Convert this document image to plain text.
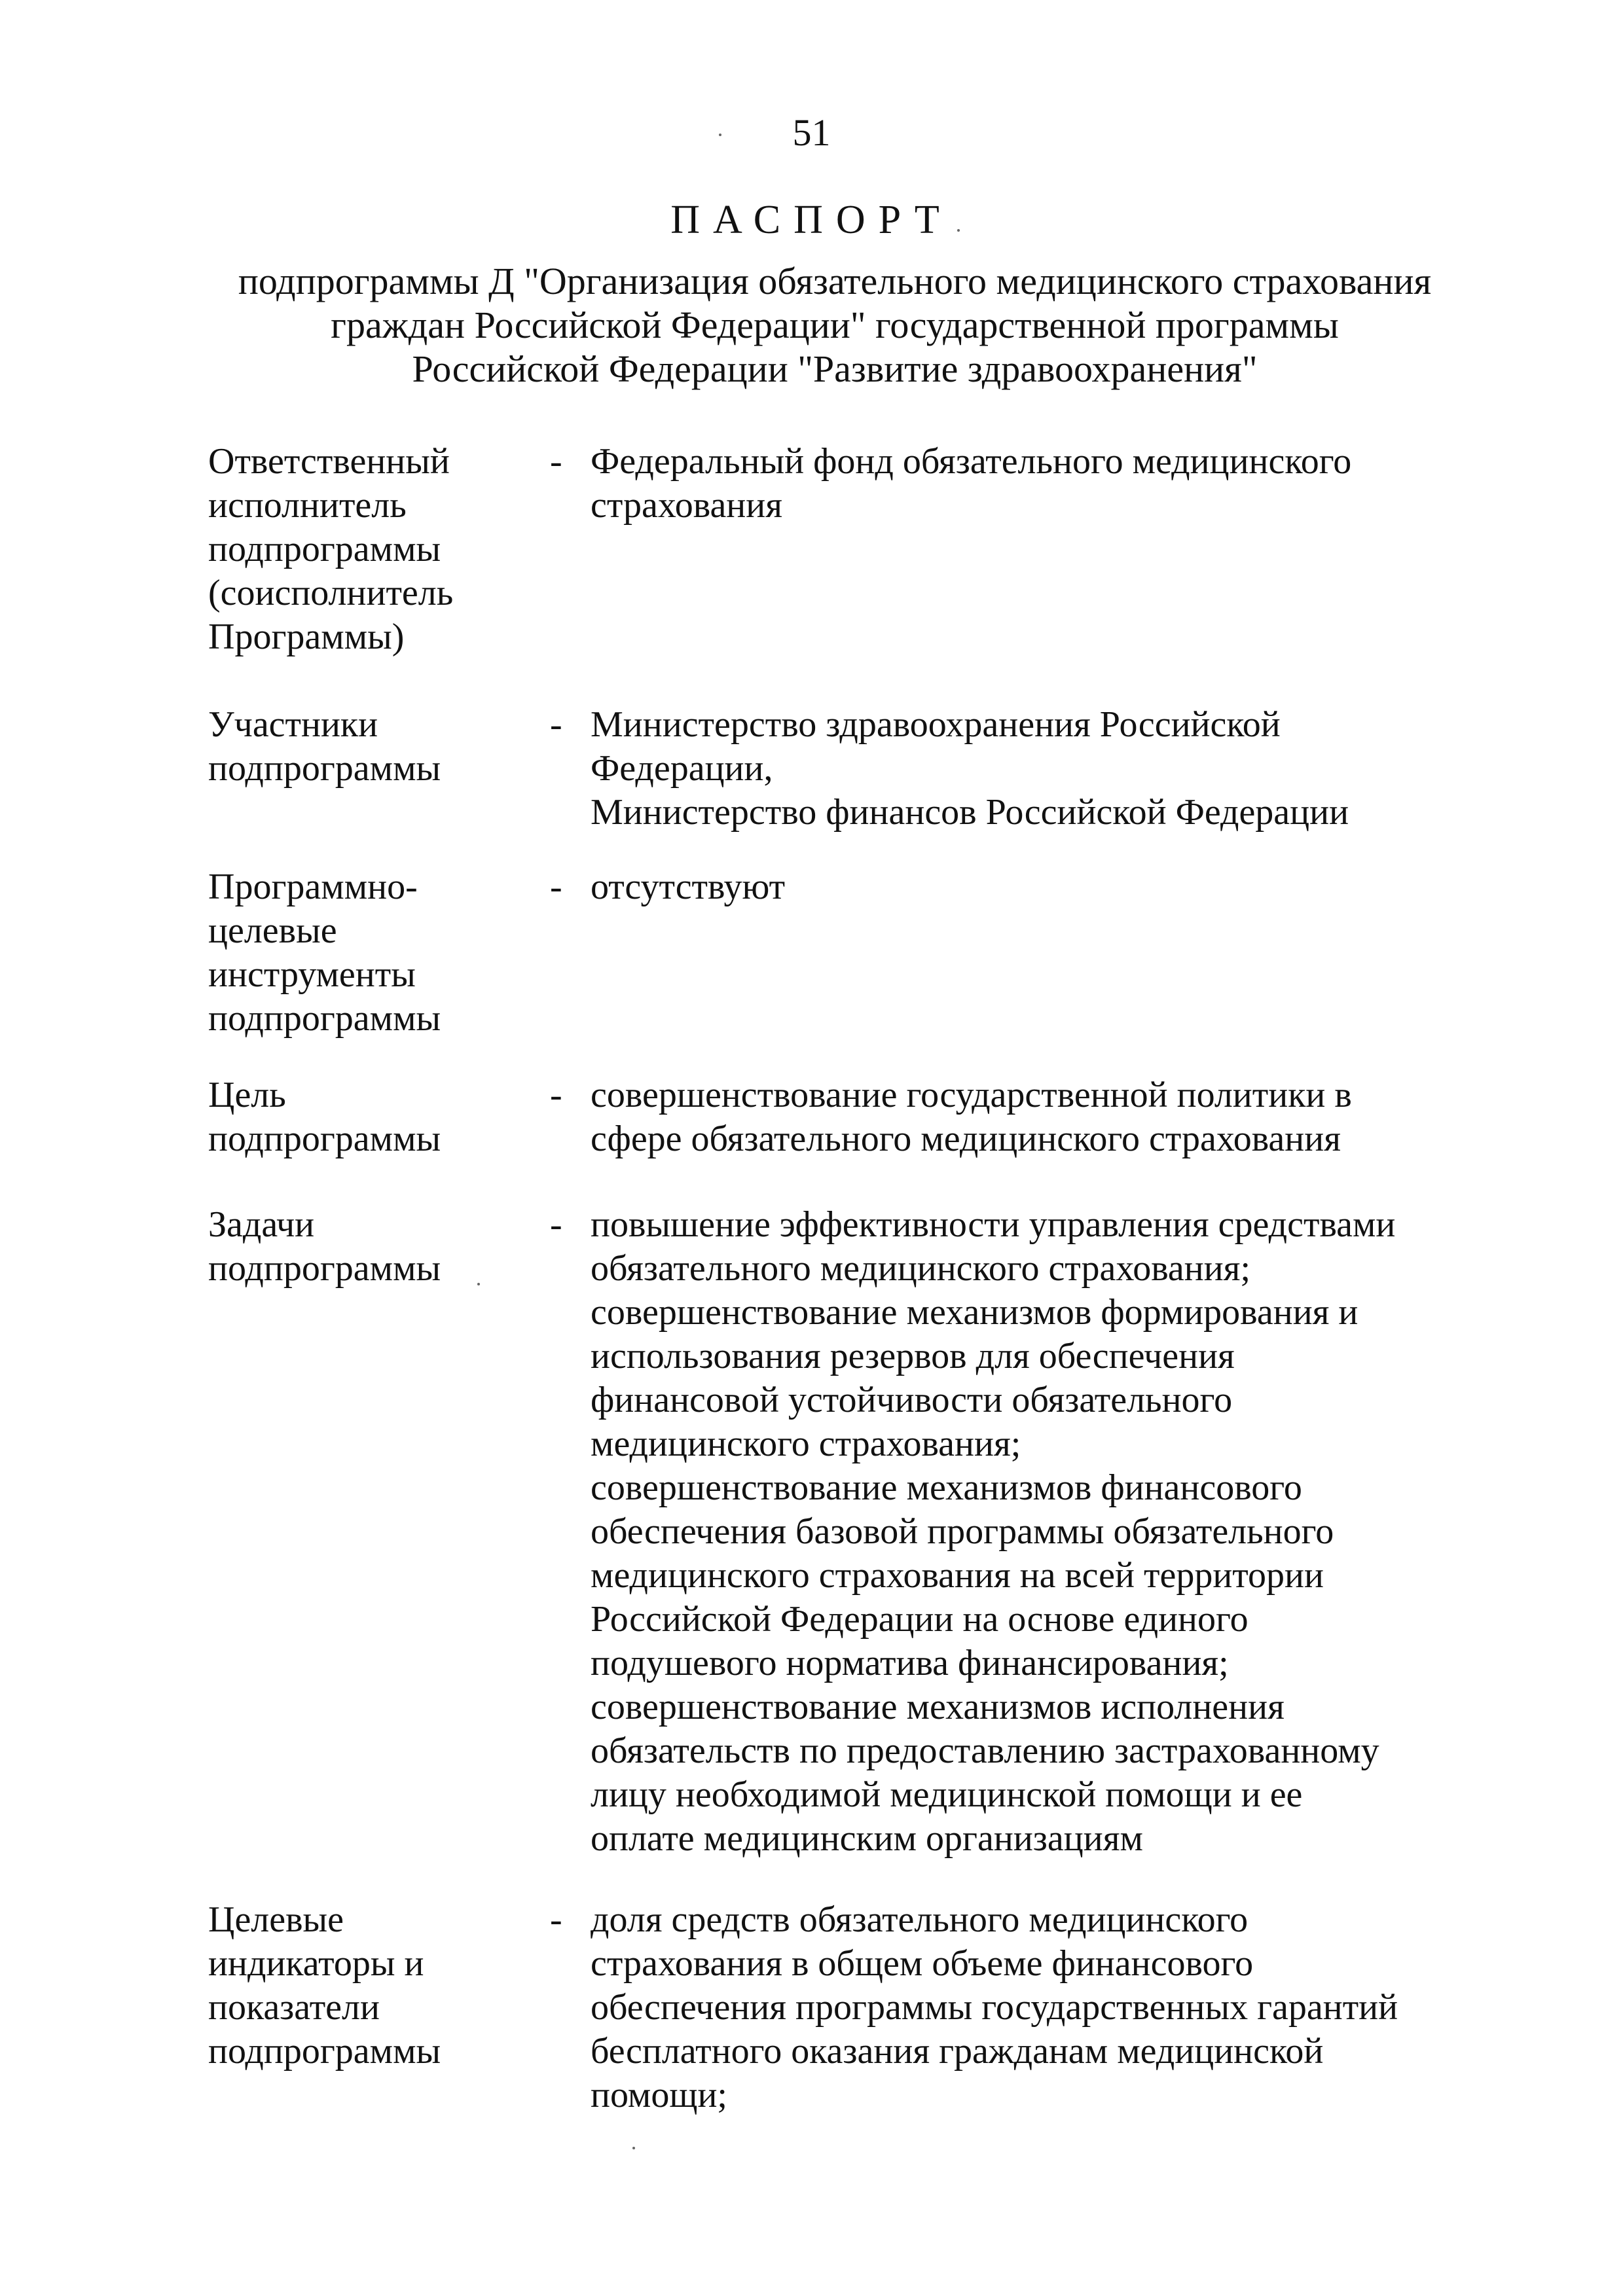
51
ПАСПОРТ
подпрограммы Д "Организация обязательного медицинского страхования
граждан Российской Федерации" государственной программы
Российской Федерации "Развитие здравоохранения"
Ответственный
исполнитель
подпрограммы
(соисполнитель
Программы)
- Федеральный фонд обязательного медицинского
страхования
Участники
подпрограммы
- Министерство здравоохранения Российской
Федерации,
Министерство финансов Российской Федерации
Программно-
целевые
инструменты
подпрограммы
- отсутствуют
Цель
подпрограммы
- совершенствование государственной политики в
сфере обязательного медицинского страхования
Задачи
подпрограммы
- повышение эффективности управления средствами
обязательного медицинского страхования;
совершенствование механизмов формирования и
использования резервов для обеспечения
финансовой устойчивости обязательного
медицинского страхования;
совершенствование механизмов финансового
обеспечения базовой программы обязательного
медицинского страхования на всей территории
Российской Федерации на основе единого
подушевого норматива финансирования;
совершенствование механизмов исполнения
обязательств по предоставлению застрахованному
лицу необходимой медицинской помощи и ее
оплате медицинским организациям
Целевые
индикаторы и
показатели
подпрограммы
- доля средств обязательного медицинского
страхования в общем объеме финансового
обеспечения программы государственных гарантий
бесплатного оказания гражданам медицинской
помощи;
